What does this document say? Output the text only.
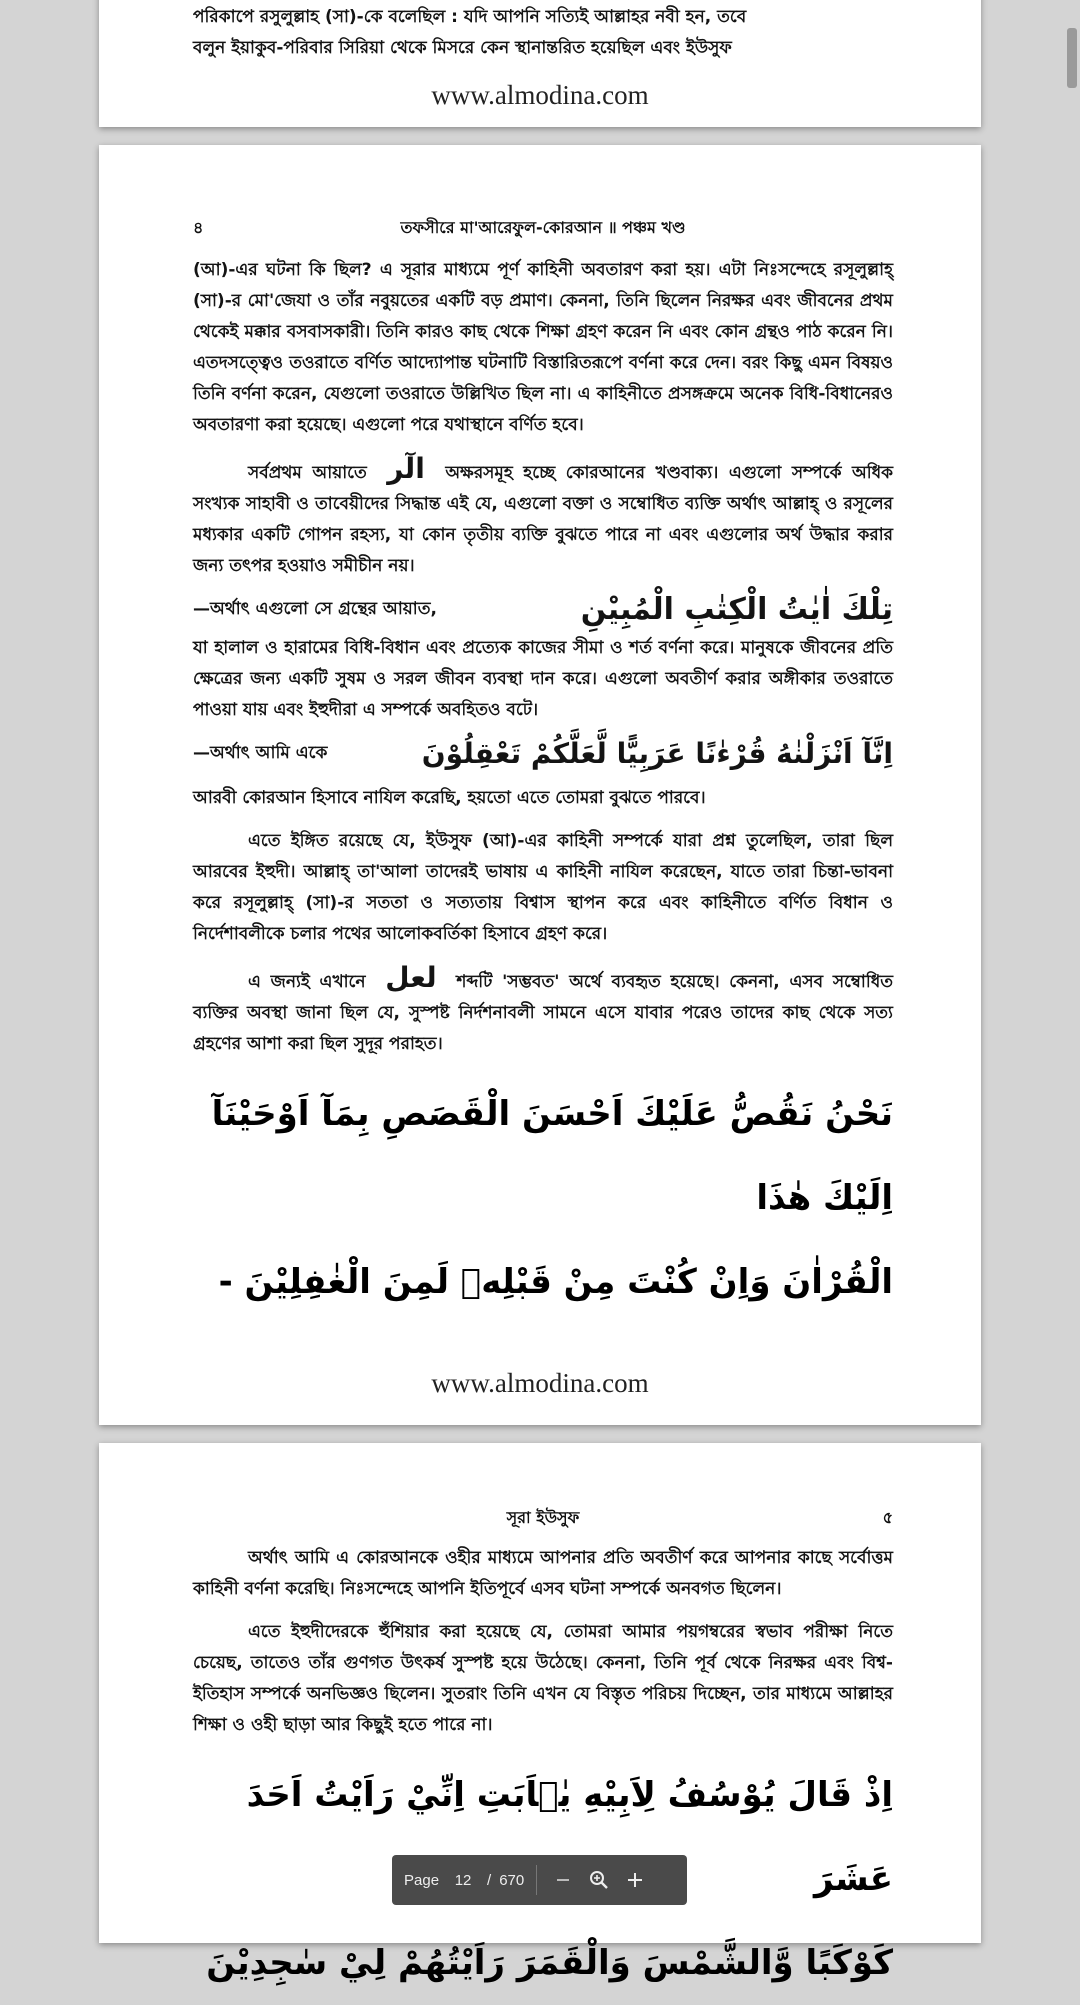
পরিকাপে রসুলুল্লাহ (সা)-কে বলেছিল : যদি আপনি সত্যিই আল্লাহর নবী হন, তবে
বলুন ইয়াকুব-পরিবার সিরিয়া থেকে মিসরে কেন স্থানান্তরিত হয়েছিল এবং ইউসুফ
www.almodina.com
৪	তফসীরে মা'আরেফুল-কোরআন ॥ পঞ্চম খণ্ড

(আ)-এর ঘটনা কি ছিল? এ সূরার মাধ্যমে পূর্ণ কাহিনী অবতারণ করা হয়। এটা নিঃসন্দেহে রসূলুল্লাহ্ (সা)-র মো'জেযা ও তাঁর নবুয়তের একটি বড় প্রমাণ। কেননা, তিনি ছিলেন নিরক্ষর এবং জীবনের প্রথম থেকেই মক্কার বসবাসকারী। তিনি কারও কাছ থেকে শিক্ষা গ্রহণ করেন নি এবং কোন গ্রন্থও পাঠ করেন নি। এতদসত্ত্বেও তওরাতে বর্ণিত আদ্যোপান্ত ঘটনাটি বিস্তারিতরূপে বর্ণনা করে দেন। বরং কিছু এমন বিষয়ও তিনি বর্ণনা করেন, যেগুলো তওরাতে উল্লিখিত ছিল না। এ কাহিনীতে প্রসঙ্গক্রমে অনেক বিধি-বিধানেরও অবতারণা করা হয়েছে। এগুলো পরে যথাস্থানে বর্ণিত হবে।

সর্বপ্রথম আয়াতে الٓر অক্ষরসমূহ হচ্ছে কোরআনের খণ্ডবাক্য। এগুলো সম্পর্কে অধিক সংখ্যক সাহাবী ও তাবেয়ীদের সিদ্ধান্ত এই যে, এগুলো বক্তা ও সম্বোধিত ব্যক্তি অর্থাৎ আল্লাহ্ ও রসূলের মধ্যকার একটি গোপন রহস্য, যা কোন তৃতীয় ব্যক্তি বুঝতে পারে না এবং এগুলোর অর্থ উদ্ধার করার জন্য তৎপর হওয়াও সমীচীন নয়।

—অর্থাৎ এগুলো সে গ্রন্থের আয়াত,	تِلْكَ اٰيٰتُ الْكِتٰبِ الْمُبِيْنِ

যা হালাল ও হারামের বিধি-বিধান এবং প্রত্যেক কাজের সীমা ও শর্ত বর্ণনা করে। মানুষকে জীবনের প্রতি ক্ষেত্রের জন্য একটি সুষম ও সরল জীবন ব্যবস্থা দান করে। এগুলো অবতীর্ণ করার অঙ্গীকার তওরাতে পাওয়া যায় এবং ইহুদীরা এ সম্পর্কে অবহিতও বটে।

—অর্থাৎ আমি একে	اِنَّآ اَنْزَلْنٰهُ قُرْءٰنًا عَرَبِيًّا لَّعَلَّكُمْ تَعْقِلُوْنَ

আরবী কোরআন হিসাবে নাযিল করেছি, হয়তো এতে তোমরা বুঝতে পারবে।

এতে ইঙ্গিত রয়েছে যে, ইউসুফ (আ)-এর কাহিনী সম্পর্কে যারা প্রশ্ন তুলেছিল, তারা ছিল আরবের ইহুদী। আল্লাহ্ তা'আলা তাদেরই ভাষায় এ কাহিনী নাযিল করেছেন, যাতে তারা চিন্তা-ভাবনা করে রসূলুল্লাহ্ (সা)-র সততা ও সত্যতায় বিশ্বাস স্থাপন করে এবং কাহিনীতে বর্ণিত বিধান ও নির্দেশাবলীকে চলার পথের আলোকবর্তিকা হিসাবে গ্রহণ করে।

এ জন্যই এখানে لعل শব্দটি 'সম্ভবত' অর্থে ব্যবহৃত হয়েছে। কেননা, এসব সম্বোধিত ব্যক্তির অবস্থা জানা ছিল যে, সুস্পষ্ট নির্দশনাবলী সামনে এসে যাবার পরেও তাদের কাছ থেকে সত্য গ্রহণের আশা করা ছিল সুদূর পরাহত।

نَحْنُ نَقُصُّ عَلَيْكَ اَحْسَنَ الْقَصَصِ بِمَآ اَوْحَيْنَآ اِلَيْكَ هٰذَا
الْقُرْاٰنَ وَاِنْ كُنْتَ مِنْ قَبْلِهٖ لَمِنَ الْغٰفِلِيْنَ -
www.almodina.com
সূরা ইউসুফ	৫

অর্থাৎ আমি এ কোরআনকে ওহীর মাধ্যমে আপনার প্রতি অবতীর্ণ করে আপনার কাছে সর্বোত্তম কাহিনী বর্ণনা করেছি। নিঃসন্দেহে আপনি ইতিপূর্বে এসব ঘটনা সম্পর্কে অনবগত ছিলেন।

এতে ইহুদীদেরকে হুঁশিয়ার করা হয়েছে যে, তোমরা আমার পয়গম্বরের স্বভাব পরীক্ষা নিতে চেয়েছ, তাতেও তাঁর গুণগত উৎকর্ষ সুস্পষ্ট হয়ে উঠেছে। কেননা, তিনি পূর্ব থেকে নিরক্ষর এবং বিশ্ব-ইতিহাস সম্পর্কে অনভিজ্ঞও ছিলেন। সুতরাং তিনি এখন যে বিস্তৃত পরিচয় দিচ্ছেন, তার মাধ্যমে আল্লাহর শিক্ষা ও ওহী ছাড়া আর কিছুই হতে পারে না।

اِذْ قَالَ يُوْسُفُ لِاَبِيْهِ يٰۤاَبَتِ اِنِّيْ رَاَيْتُ اَحَدَ عَشَرَ
كَوْكَبًا وَّالشَّمْسَ وَالْقَمَرَ رَاَيْتُهُمْ لِيْ سٰجِدِيْنَ
Page
12	/ 670
